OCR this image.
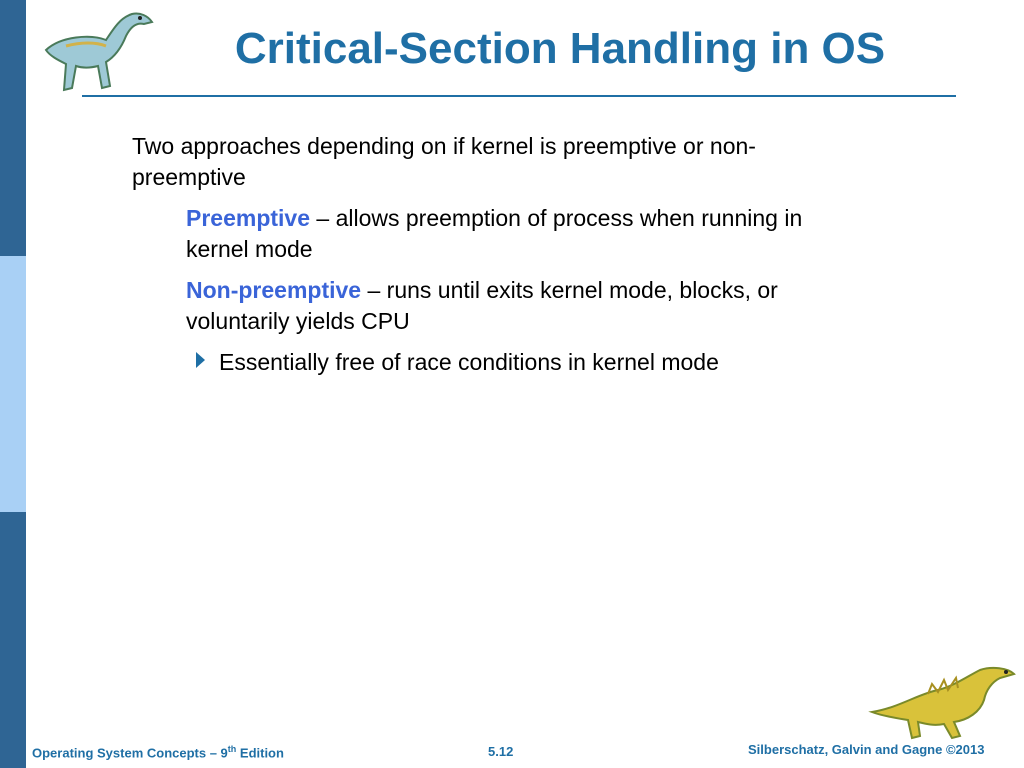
Critical-Section Handling in OS
Two approaches depending on if kernel is preemptive or non-preemptive
Preemptive – allows preemption of process when running in kernel mode
Non-preemptive – runs until exits kernel mode, blocks, or voluntarily yields CPU
Essentially free of race conditions in kernel mode
Operating System Concepts – 9th Edition	5.12	Silberschatz, Galvin and Gagne ©2013
